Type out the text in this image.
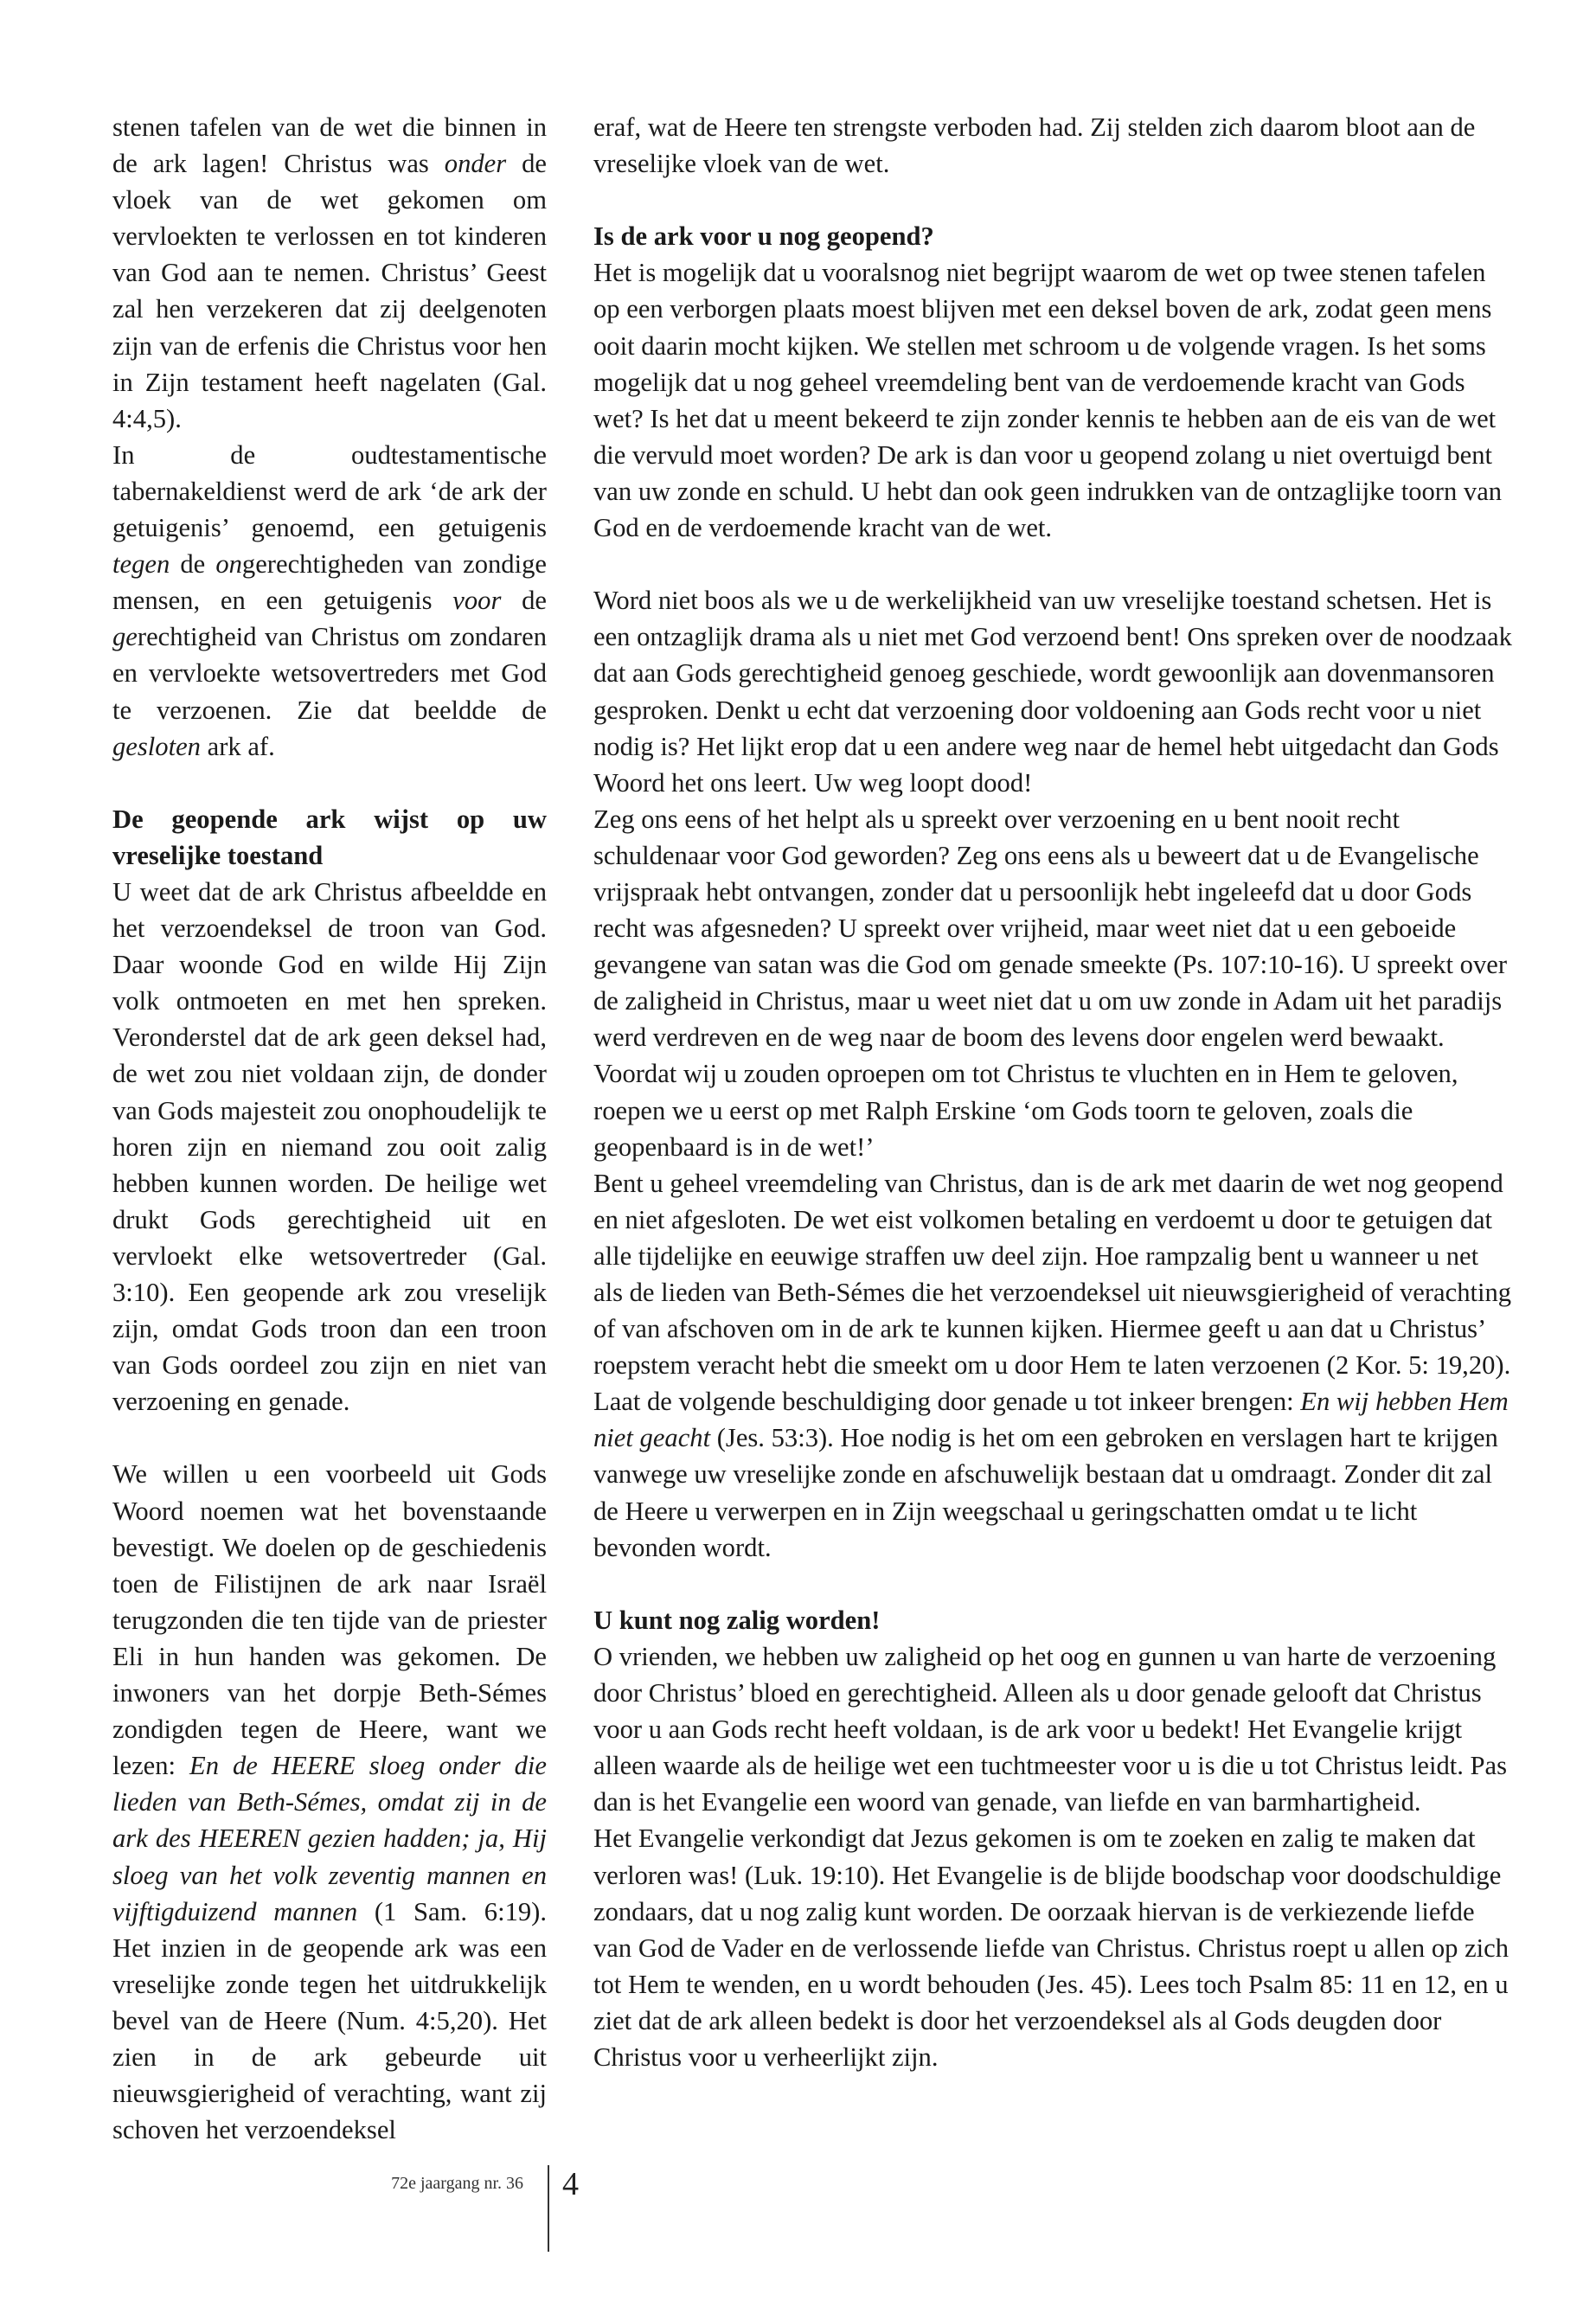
stenen tafelen van de wet die binnen in de ark lagen! Christus was onder de vloek van de wet gekomen om vervloekten te verlossen en tot kinderen van God aan te nemen. Christus’ Geest zal hen verzekeren dat zij deelgenoten zijn van de erfenis die Christus voor hen in Zijn testament heeft nagelaten (Gal. 4:4,5).

In de oudtestamentische tabernakeldienst werd de ark ‘de ark der getuigenis’ genoemd, een getuigenis tegen de ongerechtigheden van zondige mensen, en een getuigenis voor de gerechtigheid van Christus om zondaren en vervloekte wetsovertreders met God te verzoenen. Zie dat beeldde de gesloten ark af.

De geopende ark wijst op uw vreselijke toestand

U weet dat de ark Christus afbeeldde en het verzoendeksel de troon van God. Daar woonde God en wilde Hij Zijn volk ontmoeten en met hen spreken. Veronderstel dat de ark geen deksel had, de wet zou niet voldaan zijn, de donder van Gods majesteit zou onophoudelijk te horen zijn en niemand zou ooit zalig hebben kunnen worden. De heilige wet drukt Gods gerechtigheid uit en vervloekt elke wetsovertreder (Gal. 3:10). Een geopende ark zou vreselijk zijn, omdat Gods troon dan een troon van Gods oordeel zou zijn en niet van verzoening en genade.

We willen u een voorbeeld uit Gods Woord noemen wat het bovenstaande bevestigt. We doelen op de geschiedenis toen de Filistijnen de ark naar Israël terugzonden die ten tijde van de priester Eli in hun handen was gekomen. De inwoners van het dorpje Beth-Sémes zondigden tegen de Heere, want we lezen: En de HEERE sloeg onder die lieden van Beth-Sémes, omdat zij in de ark des HEEREN gezien hadden; ja, Hij sloeg van het volk zeventig mannen en vijftigduizend mannen (1 Sam. 6:19). Het inzien in de geopende ark was een vreselijke zonde tegen het uitdrukkelijk bevel van de Heere (Num. 4:5,20). Het zien in de ark gebeurde uit nieuwsgierigheid of verachting, want zij schoven het verzoendeksel

eraf, wat de Heere ten strengste verboden had. Zij stelden zich daarom bloot aan de vreselijke vloek van de wet.

Is de ark voor u nog geopend?

Het is mogelijk dat u vooralsnog niet begrijpt waarom de wet op twee stenen tafelen op een verborgen plaats moest blijven met een deksel boven de ark, zodat geen mens ooit daarin mocht kijken. We stellen met schroom u de volgende vragen. Is het soms mogelijk dat u nog geheel vreemdeling bent van de verdoemende kracht van Gods wet? Is het dat u meent bekeerd te zijn zonder kennis te hebben aan de eis van de wet die vervuld moet worden? De ark is dan voor u geopend zolang u niet overtuigd bent van uw zonde en schuld. U hebt dan ook geen indrukken van de ontzaglijke toorn van God en de verdoemende kracht van de wet.

Word niet boos als we u de werkelijkheid van uw vreselijke toestand schetsen. Het is een ontzaglijk drama als u niet met God verzoend bent! Ons spreken over de noodzaak dat aan Gods gerechtigheid genoeg geschiede, wordt gewoonlijk aan dovenmansoren gesproken. Denkt u echt dat verzoening door voldoening aan Gods recht voor u niet nodig is? Het lijkt erop dat u een andere weg naar de hemel hebt uitgedacht dan Gods Woord het ons leert. Uw weg loopt dood!

Zeg ons eens of het helpt als u spreekt over verzoening en u bent nooit recht schuldenaar voor God geworden? Zeg ons eens als u beweert dat u de Evangelische vrijspraak hebt ontvangen, zonder dat u persoonlijk hebt ingeleefd dat u door Gods recht was afgesneden? U spreekt over vrijheid, maar weet niet dat u een geboeide gevangene van satan was die God om genade smeekte (Ps. 107:10-16). U spreekt over de zaligheid in Christus, maar u weet niet dat u om uw zonde in Adam uit het paradijs werd verdreven en de weg naar de boom des levens door engelen werd bewaakt. Voordat wij u zouden oproepen om tot Christus te vluchten en in Hem te geloven, roepen we u eerst op met Ralph Erskine ‘om Gods toorn te geloven, zoals die geopenbaard is in de wet!’

Bent u geheel vreemdeling van Christus, dan is de ark met daarin de wet nog geopend en niet afgesloten. De wet eist volkomen betaling en verdoemt u door te getuigen dat alle tijdelijke en eeuwige straffen uw deel zijn. Hoe rampzalig bent u wanneer u net als de lieden van Beth-Sémes die het verzoendeksel uit nieuwsgierigheid of verachting of van afschoven om in de ark te kunnen kijken. Hiermee geeft u aan dat u Christus’ roepstem veracht hebt die smeekt om u door Hem te laten verzoenen (2 Kor. 5: 19,20).

Laat de volgende beschuldiging door genade u tot inkeer brengen: En wij hebben Hem niet geacht (Jes. 53:3). Hoe nodig is het om een gebroken en verslagen hart te krijgen vanwege uw vreselijke zonde en afschuwelijk bestaan dat u omdraagt. Zonder dit zal de Heere u verwerpen en in Zijn weegschaal u geringschatten omdat u te licht bevonden wordt.

U kunt nog zalig worden!

O vrienden, we hebben uw zaligheid op het oog en gunnen u van harte de verzoening door Christus’ bloed en gerechtigheid. Alleen als u door genade gelooft dat Christus voor u aan Gods recht heeft voldaan, is de ark voor u bedekt! Het Evangelie krijgt alleen waarde als de heilige wet een tuchtmeester voor u is die u tot Christus leidt. Pas dan is het Evangelie een woord van genade, van liefde en van barmhartigheid.

Het Evangelie verkondigt dat Jezus gekomen is om te zoeken en zalig te maken dat verloren was! (Luk. 19:10). Het Evangelie is de blijde boodschap voor doodschuldige zondaars, dat u nog zalig kunt worden. De oorzaak hiervan is de verkiezende liefde van God de Vader en de verlossende liefde van Christus. Christus roept u allen op zich tot Hem te wenden, en u wordt behouden (Jes. 45). Lees toch Psalm 85: 11 en 12, en u ziet dat de ark alleen bedekt is door het verzoendeksel als al Gods deugden door Christus voor u verheerlijkt zijn.

72e jaargang nr. 36 4
